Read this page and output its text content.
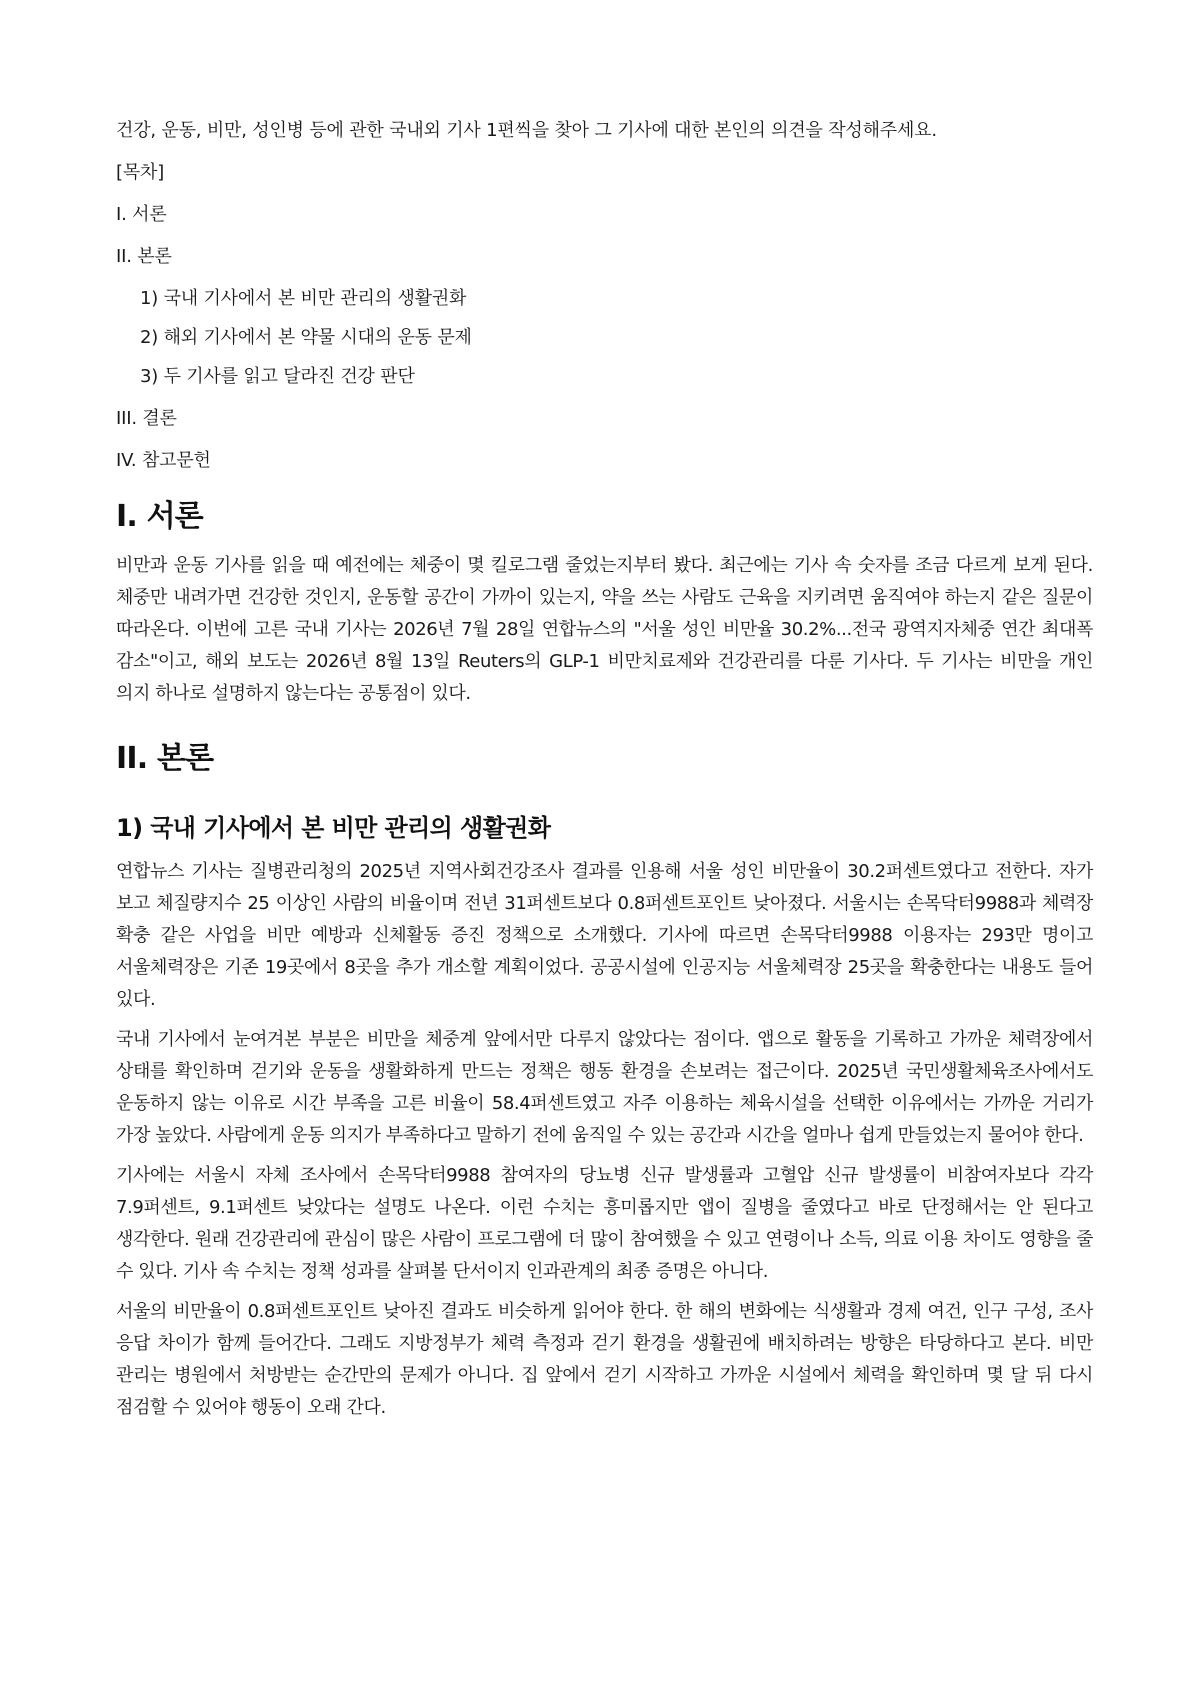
건강, 운동, 비만, 성인병 등에 관한 국내외 기사 1편씩을 찾아 그 기사에 대한 본인의 의견을 작성해주세요.

[목차]
I. 서론
II. 본론
1) 국내 기사에서 본 비만 관리의 생활권화
2) 해외 기사에서 본 약물 시대의 운동 문제
3) 두 기사를 읽고 달라진 건강 판단
III. 결론
IV. 참고문헌
I. 서론

비만과 운동 기사를 읽을 때 예전에는 체중이 몇 킬로그램 줄었는지부터 봤다. 최근에는 기사 속 숫자를 조금 다르게 보게 된다. 체중만 내려가면 건강한 것인지, 운동할 공간이 가까이 있는지, 약을 쓰는 사람도 근육을 지키려면 움직여야 하는지 같은 질문이 따라온다. 이번에 고른 국내 기사는 2026년 7월 28일 연합뉴스의 "서울 성인 비만율 30.2%...전국 광역지자체중 연간 최대폭 감소"이고, 해외 보도는 2026년 8월 13일 Reuters의 GLP-1 비만치료제와 건강관리를 다룬 기사다. 두 기사는 비만을 개인 의지 하나로 설명하지 않는다는 공통점이 있다.

II. 본론
1) 국내 기사에서 본 비만 관리의 생활권화

연합뉴스 기사는 질병관리청의 2025년 지역사회건강조사 결과를 인용해 서울 성인 비만율이 30.2퍼센트였다고 전한다. 자가 보고 체질량지수 25 이상인 사람의 비율이며 전년 31퍼센트보다 0.8퍼센트포인트 낮아졌다. 서울시는 손목닥터9988과 체력장 확충 같은 사업을 비만 예방과 신체활동 증진 정책으로 소개했다. 기사에 따르면 손목닥터9988 이용자는 293만 명이고 서울체력장은 기존 19곳에서 8곳을 추가 개소할 계획이었다. 공공시설에 인공지능 서울체력장 25곳을 확충한다는 내용도 들어 있다.

국내 기사에서 눈여겨본 부분은 비만을 체중계 앞에서만 다루지 않았다는 점이다. 앱으로 활동을 기록하고 가까운 체력장에서 상태를 확인하며 걷기와 운동을 생활화하게 만드는 정책은 행동 환경을 손보려는 접근이다. 2025년 국민생활체육조사에서도 운동하지 않는 이유로 시간 부족을 고른 비율이 58.4퍼센트였고 자주 이용하는 체육시설을 선택한 이유에서는 가까운 거리가 가장 높았다. 사람에게 운동 의지가 부족하다고 말하기 전에 움직일 수 있는 공간과 시간을 얼마나 쉽게 만들었는지 물어야 한다.

기사에는 서울시 자체 조사에서 손목닥터9988 참여자의 당뇨병 신규 발생률과 고혈압 신규 발생률이 비참여자보다 각각 7.9퍼센트, 9.1퍼센트 낮았다는 설명도 나온다. 이런 수치는 흥미롭지만 앱이 질병을 줄였다고 바로 단정해서는 안 된다고 생각한다. 원래 건강관리에 관심이 많은 사람이 프로그램에 더 많이 참여했을 수 있고 연령이나 소득, 의료 이용 차이도 영향을 줄 수 있다. 기사 속 수치는 정책 성과를 살펴볼 단서이지 인과관계의 최종 증명은 아니다.

서울의 비만율이 0.8퍼센트포인트 낮아진 결과도 비슷하게 읽어야 한다. 한 해의 변화에는 식생활과 경제 여건, 인구 구성, 조사 응답 차이가 함께 들어간다. 그래도 지방정부가 체력 측정과 걷기 환경을 생활권에 배치하려는 방향은 타당하다고 본다. 비만 관리는 병원에서 처방받는 순간만의 문제가 아니다. 집 앞에서 걷기 시작하고 가까운 시설에서 체력을 확인하며 몇 달 뒤 다시 점검할 수 있어야 행동이 오래 간다.
